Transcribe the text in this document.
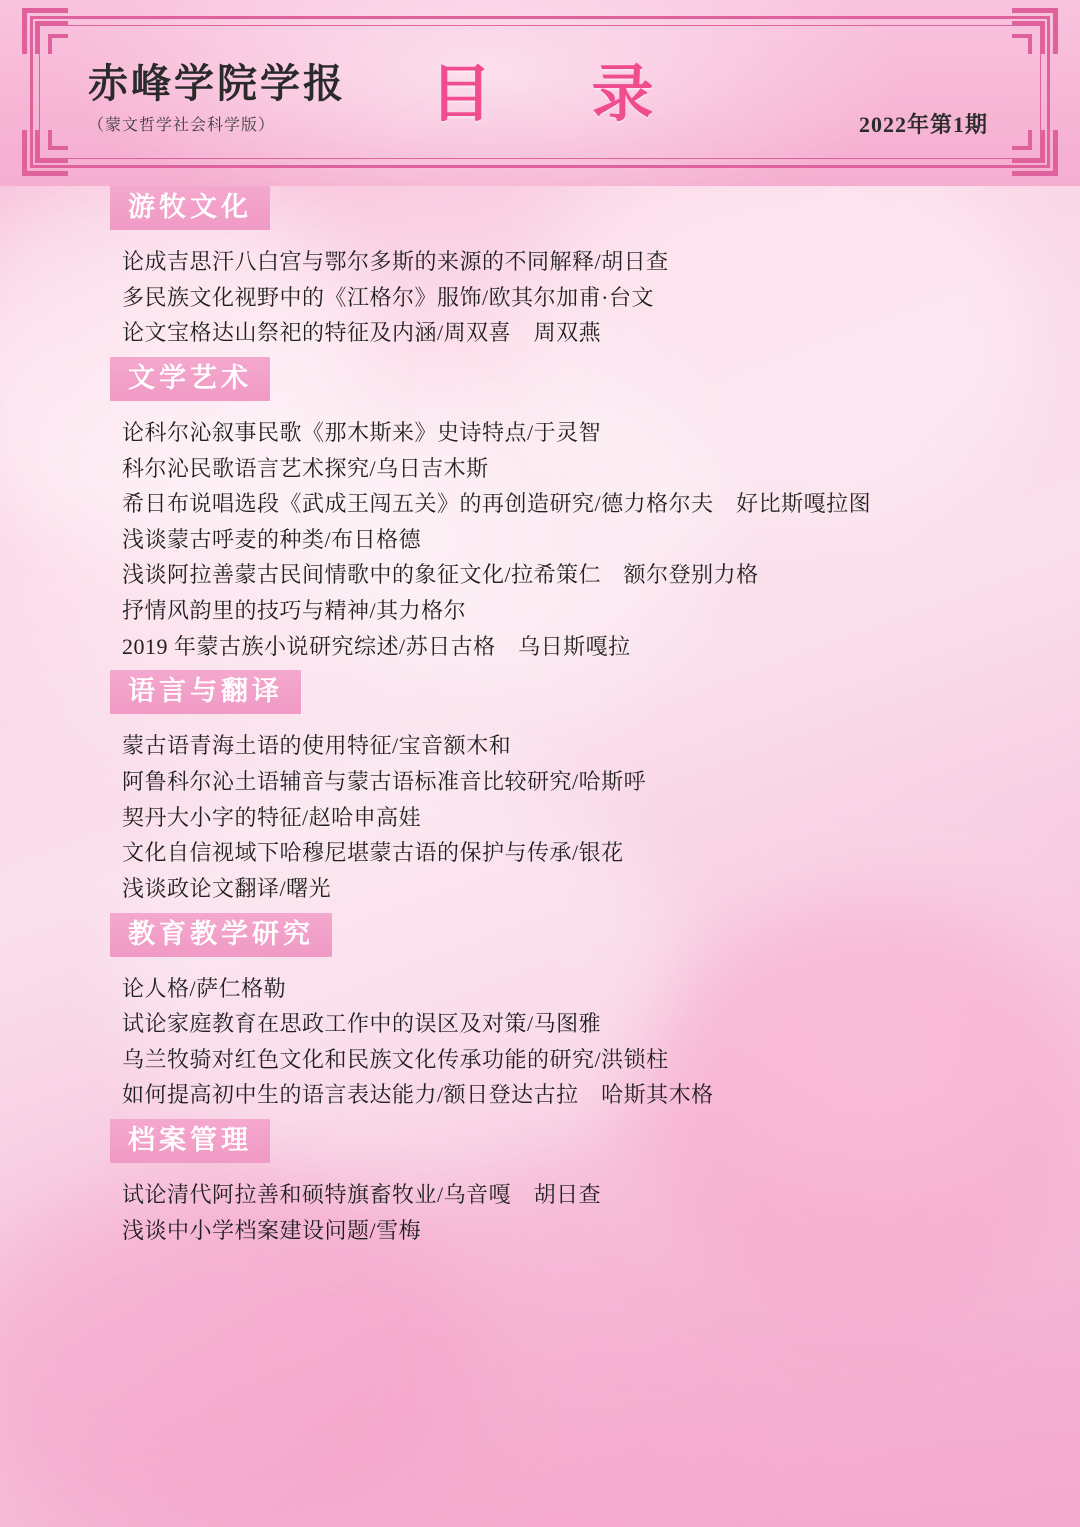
赤峰学院学报
（蒙文哲学社会科学版） 目 录	2022年第1期
游牧文化
论成吉思汗八白宫与鄂尔多斯的来源的不同解释/胡日查
多民族文化视野中的《江格尔》服饰/欧其尔加甫·台文
论文宝格达山祭祀的特征及内涵/周双喜　周双燕
文学艺术
论科尔沁叙事民歌《那木斯来》史诗特点/于灵智
科尔沁民歌语言艺术探究/乌日吉木斯
希日布说唱选段《武成王闯五关》的再创造研究/德力格尔夫　好比斯嘎拉图
浅谈蒙古呼麦的种类/布日格德
浅谈阿拉善蒙古民间情歌中的象征文化/拉希策仁　额尔登别力格
抒情风韵里的技巧与精神/其力格尔
2019 年蒙古族小说研究综述/苏日古格　乌日斯嘎拉
语言与翻译
蒙古语青海土语的使用特征/宝音额木和
阿鲁科尔沁土语辅音与蒙古语标准音比较研究/哈斯呼
契丹大小字的特征/赵哈申高娃
文化自信视域下哈穆尼堪蒙古语的保护与传承/银花
浅谈政论文翻译/曙光
教育教学研究
论人格/萨仁格勒
试论家庭教育在思政工作中的误区及对策/马图雅
乌兰牧骑对红色文化和民族文化传承功能的研究/洪锁柱
如何提高初中生的语言表达能力/额日登达古拉　哈斯其木格
档案管理
试论清代阿拉善和硕特旗畜牧业/乌音嘎　胡日查
浅谈中小学档案建设问题/雪梅
